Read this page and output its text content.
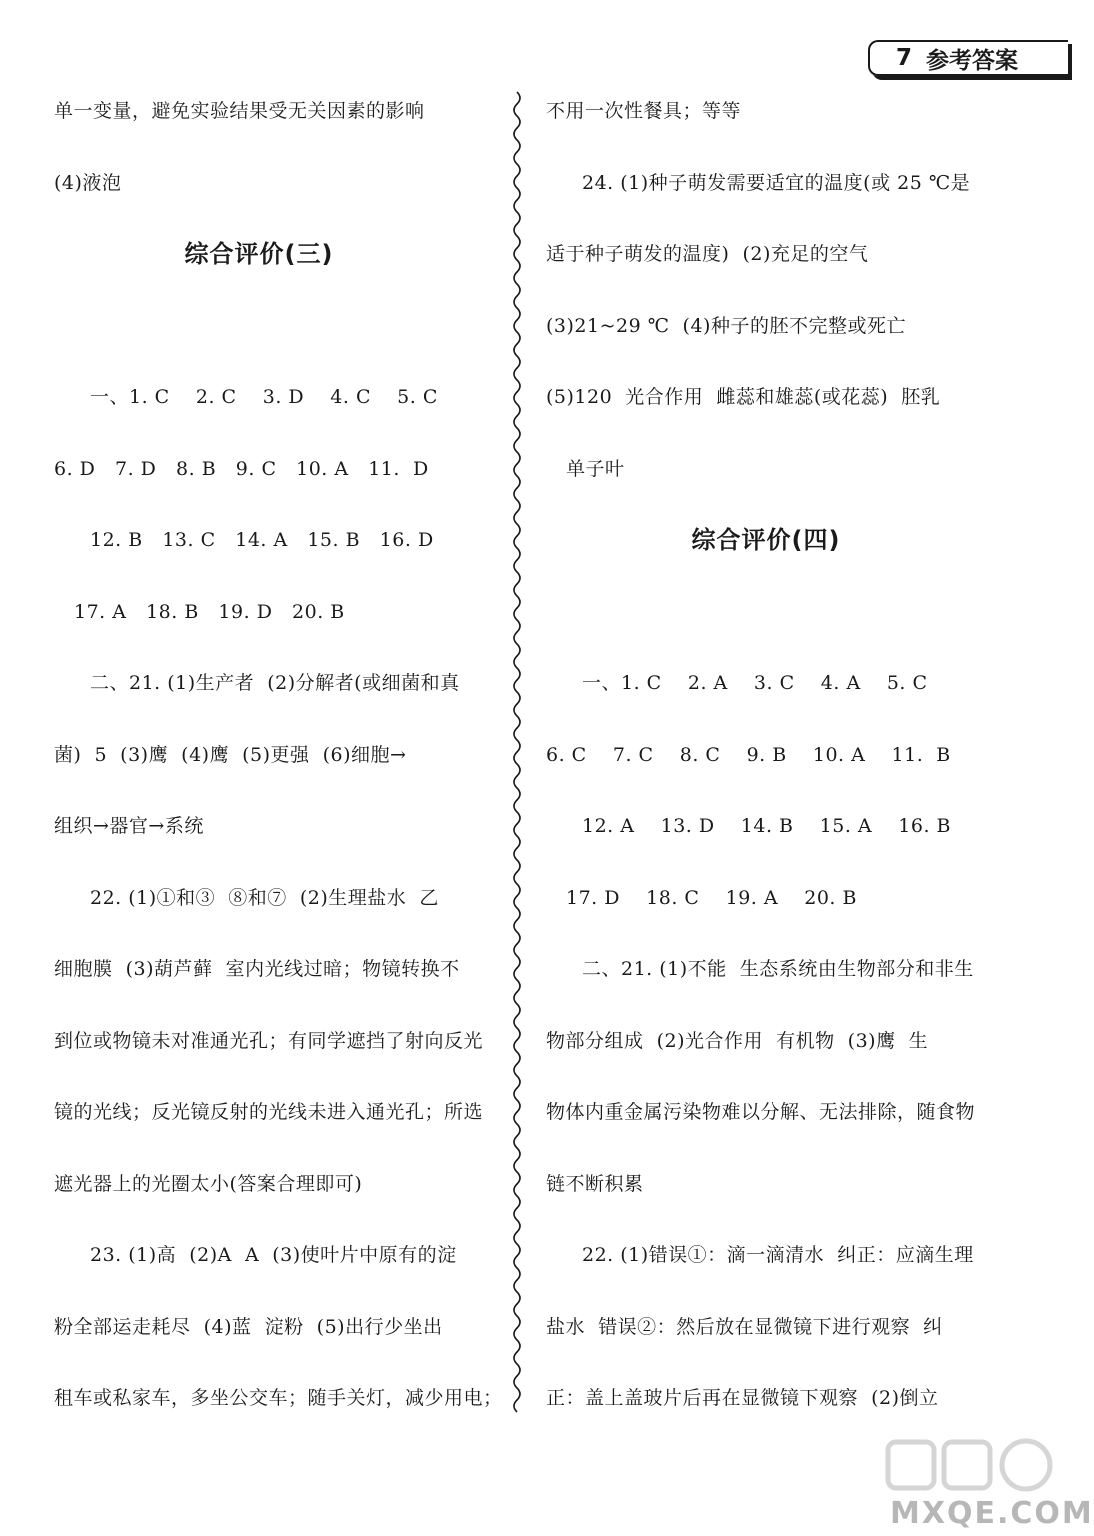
7 参考答案
单一变量，避免实验结果受无关因素的影响
(4)液泡
综合评价(三)
一、1. C    2. C    3. D    4. C    5. C
6. D   7. D   8. B   9. C   10. A   11.  D
12. B   13. C   14. A   15. B   16. D
17. A   18. B   19. D   20. B
二、21. (1)生产者  (2)分解者(或细菌和真
菌)  5  (3)鹰  (4)鹰  (5)更强  (6)细胞→
组织→器官→系统
22. (1)①和③  ⑧和⑦  (2)生理盐水  乙
细胞膜  (3)葫芦藓  室内光线过暗；物镜转换不
到位或物镜未对准通光孔；有同学遮挡了射向反光
镜的光线；反光镜反射的光线未进入通光孔；所选
遮光器上的光圈太小(答案合理即可)
23. (1)高  (2)A  A  (3)使叶片中原有的淀
粉全部运走耗尽  (4)蓝  淀粉  (5)出行少坐出
租车或私家车，多坐公交车；随手关灯，减少用电；
不用一次性餐具；等等
24. (1)种子萌发需要适宜的温度(或 25 ℃是
适于种子萌发的温度)  (2)充足的空气
(3)21~29 ℃  (4)种子的胚不完整或死亡
(5)120  光合作用  雌蕊和雄蕊(或花蕊)  胚乳
单子叶
综合评价(四)
一、1. C    2. A    3. C    4. A    5. C
6. C    7. C    8. C    9. B    10. A    11.  B
12. A    13. D    14. B    15. A    16. B
17. D    18. C    19. A    20. B
二、21. (1)不能  生态系统由生物部分和非生
物部分组成  (2)光合作用  有机物  (3)鹰  生
物体内重金属污染物难以分解、无法排除，随食物
链不断积累
22. (1)错误①：滴一滴清水  纠正：应滴生理
盐水  错误②：然后放在显微镜下进行观察  纠
正：盖上盖玻片后再在显微镜下观察  (2)倒立
MXQE.COM
